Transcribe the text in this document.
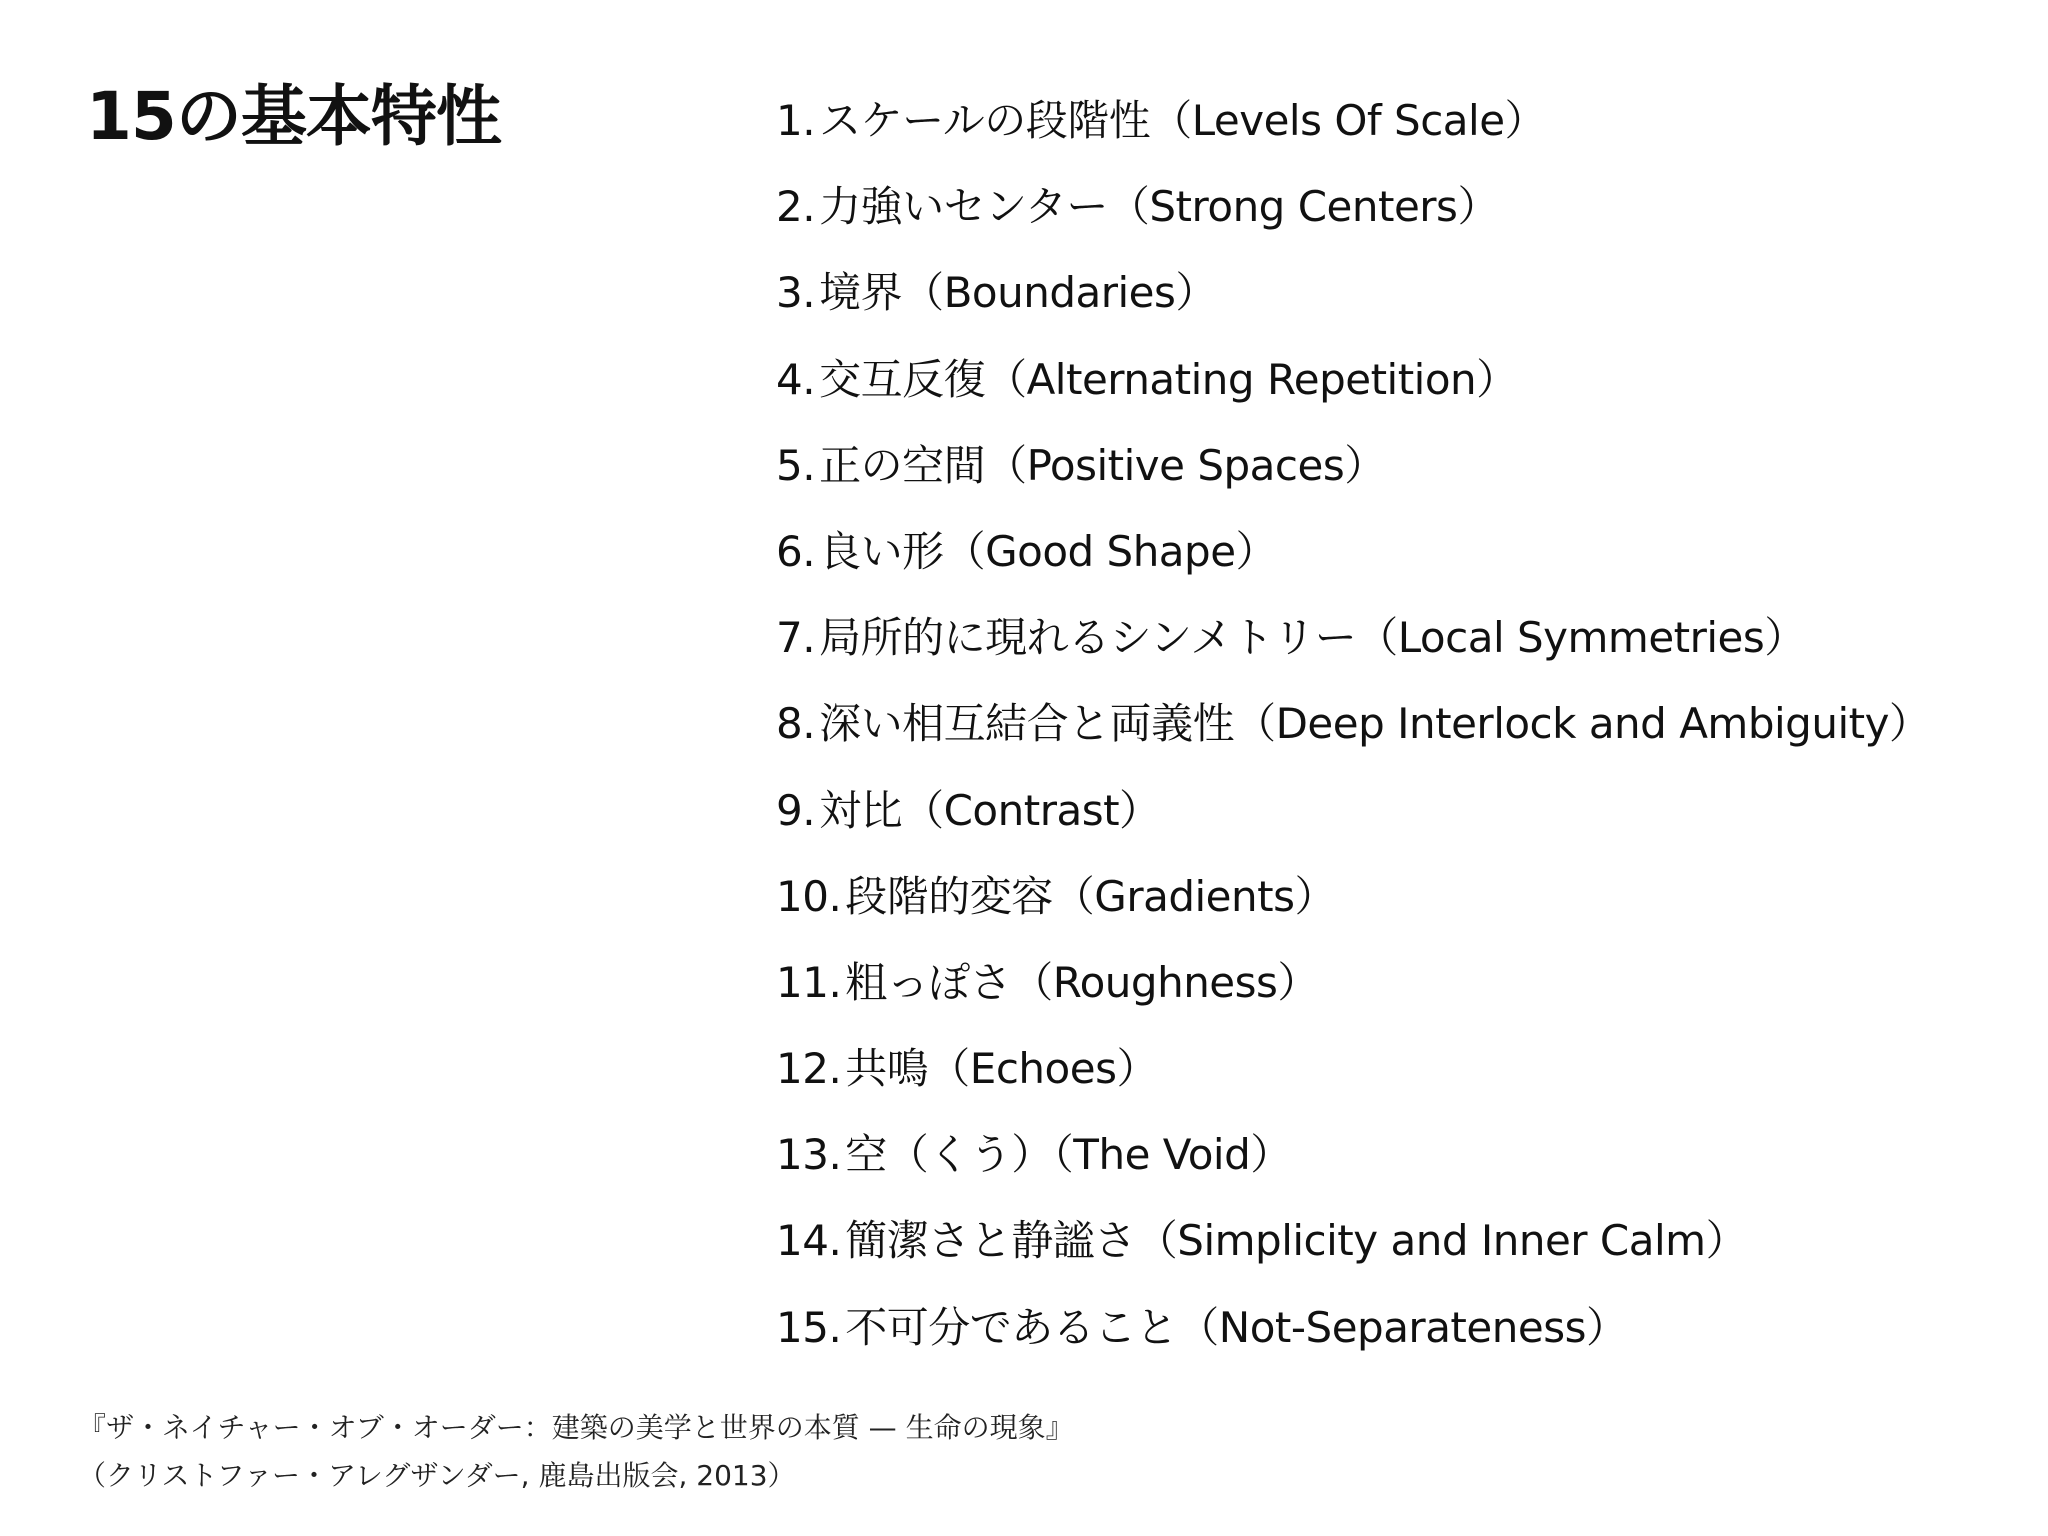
15の基本特性	1.スケールの段階性（Levels Of Scale）
2.力強いセンター（Strong Centers）
3.境界（Boundaries）
4.交互反復（Alternating Repetition）
5.正の空間（Positive Spaces）
6.良い形（Good Shape）
7.局所的に現れるシンメトリー（Local Symmetries）
8.深い相互結合と両義性（Deep Interlock and Ambiguity）
9.対比（Contrast）
10.段階的変容（Gradients）
11.粗っぽさ（Roughness）
12.共鳴（Echoes）
13.空（くう）（The Void）
14.簡潔さと静謐さ（Simplicity and Inner Calm）
15.不可分であること（Not-Separateness）
『ザ・ネイチャー・オブ・オーダー：建築の美学と世界の本質 — 生命の現象』
（クリストファー・アレグザンダー, 鹿島出版会, 2013）
